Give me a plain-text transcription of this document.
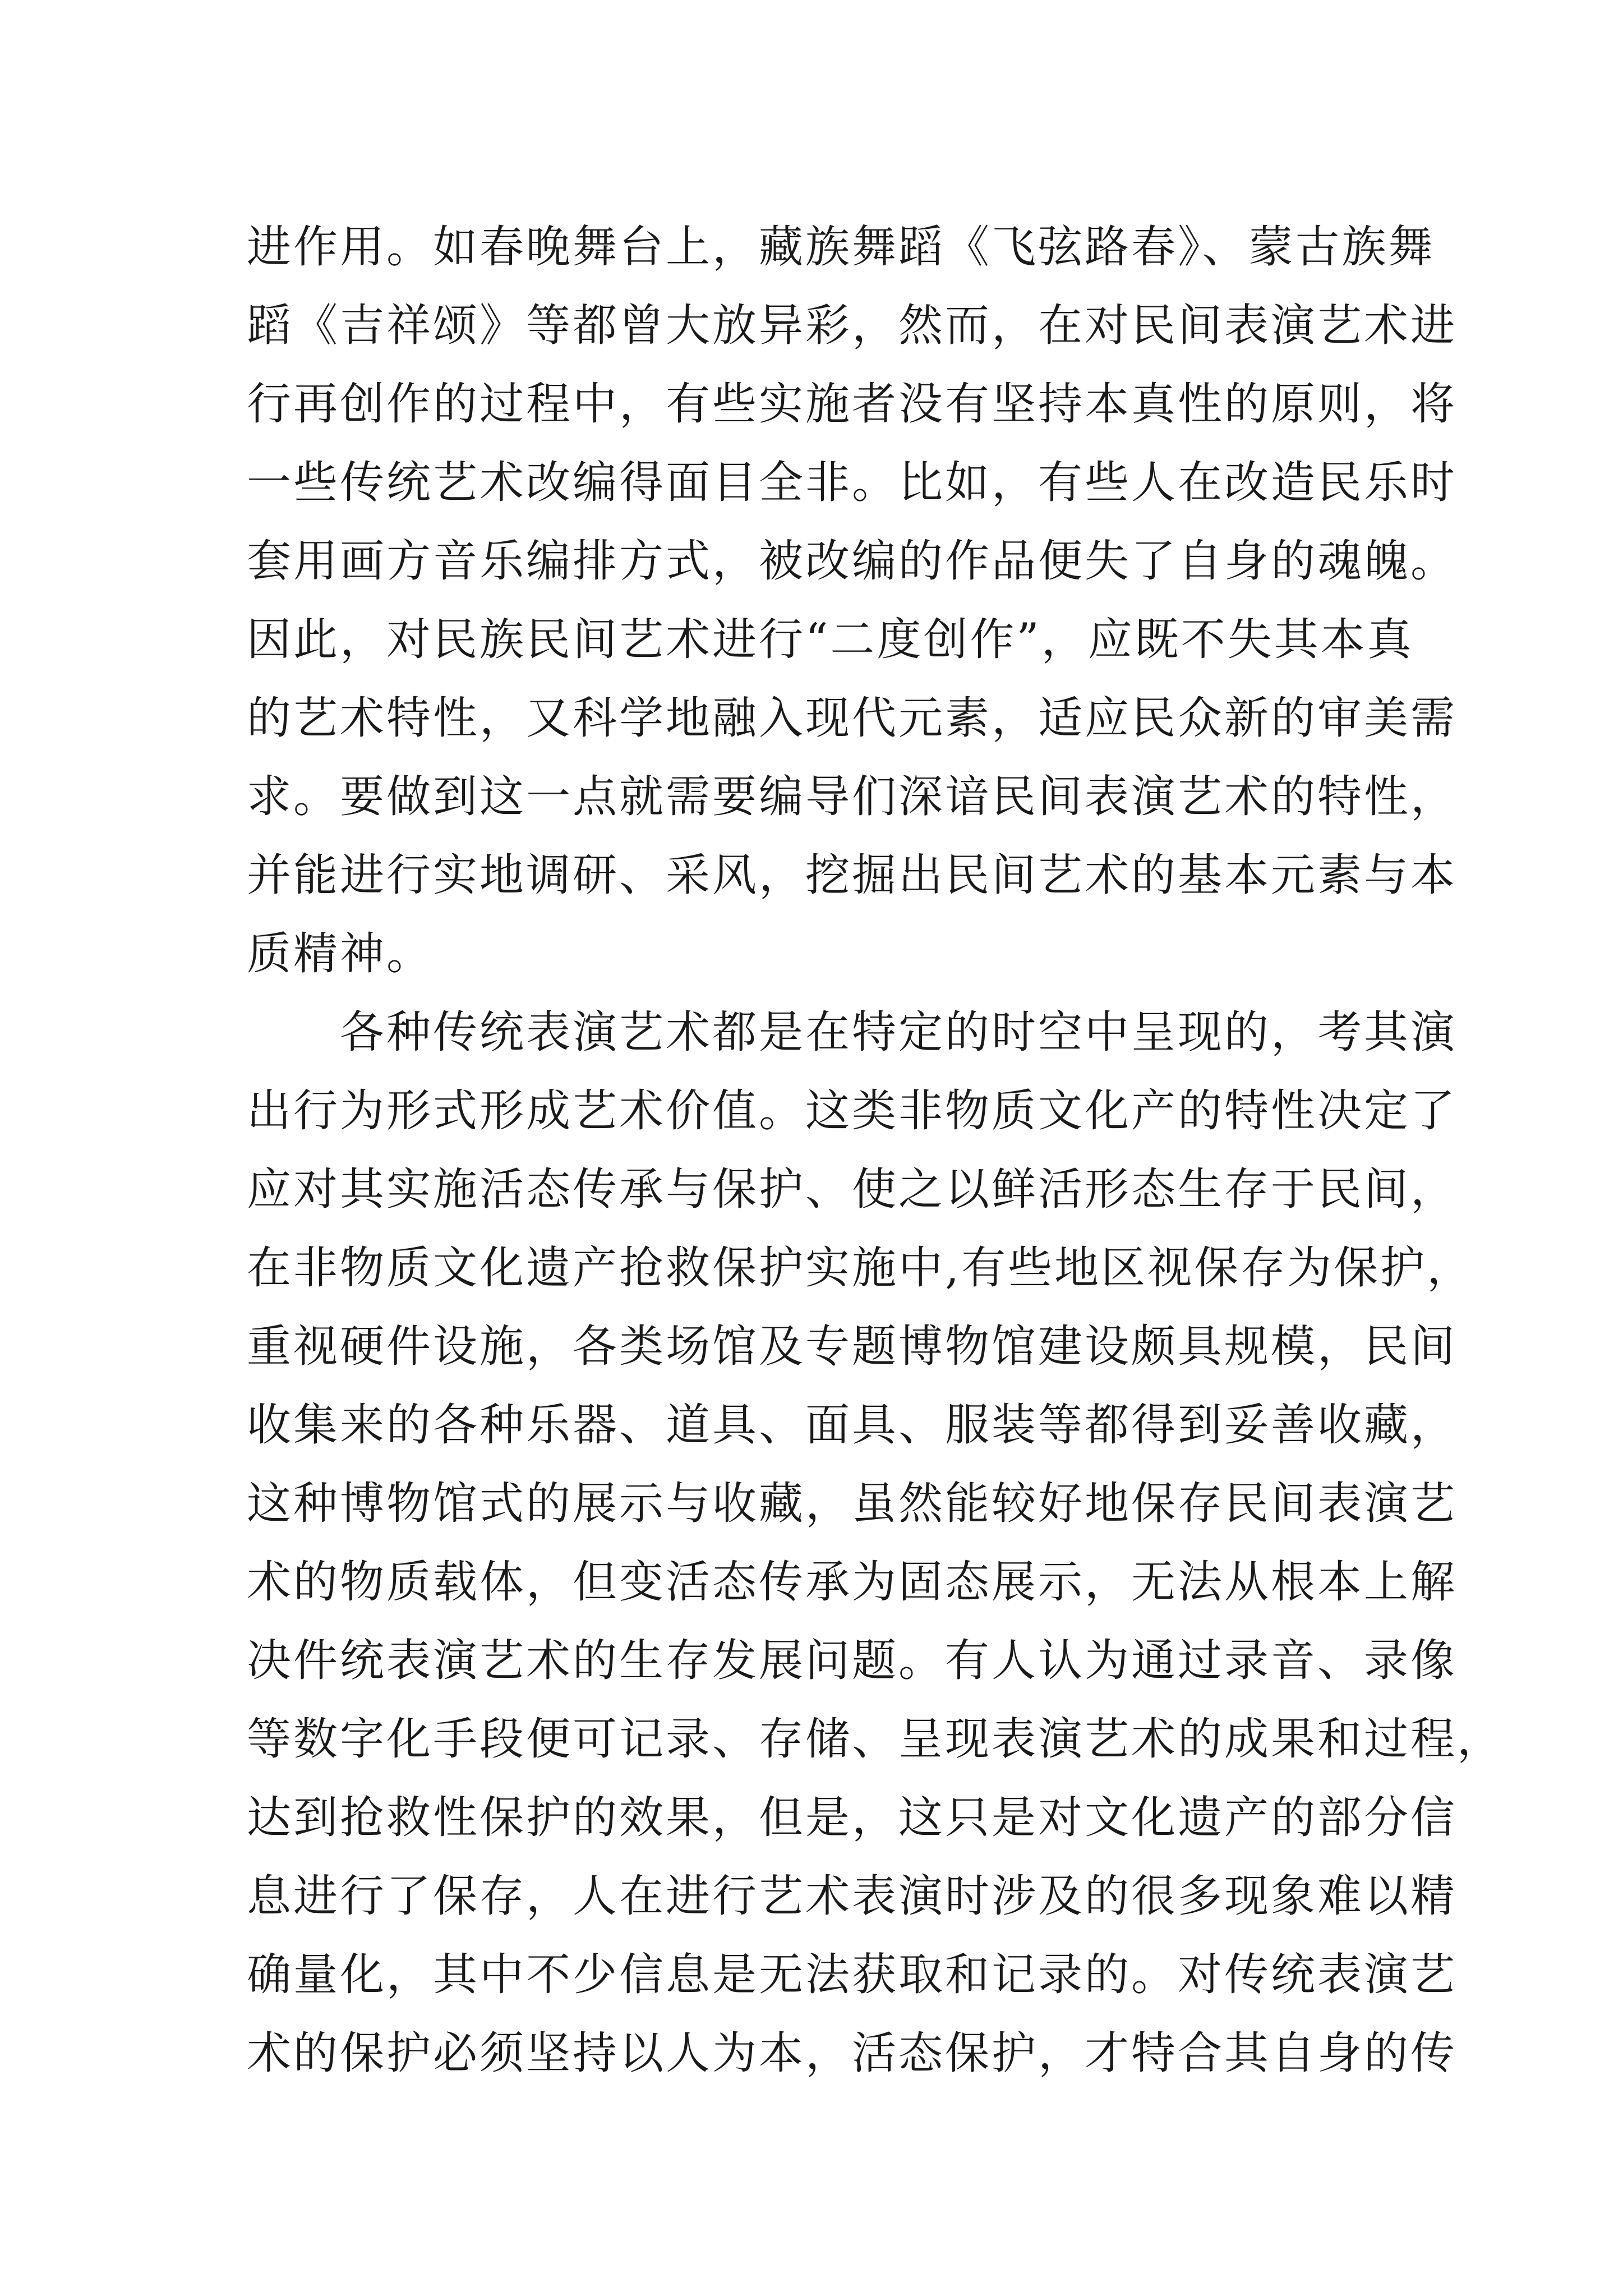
进作用。如春晚舞台上，藏族舞蹈《飞弦路春》、蒙古族舞
蹈《吉祥颂》等都曾大放异彩，然而，在对民间表演艺术进
行再创作的过程中，有些实施者没有坚持本真性的原则，将
一些传统艺术改编得面目全非。比如，有些人在改造民乐时
套用画方音乐编排方式，被改编的作品便失了自身的魂魄。
因此，对民族民间艺术进行“二度创作”，应既不失其本真
的艺术特性，又科学地融入现代元素，适应民众新的审美需
求。要做到这一点就需要编导们深谙民间表演艺术的特性，
并能进行实地调研、采风，挖掘出民间艺术的基本元素与本
质精神。
各种传统表演艺术都是在特定的时空中呈现的，考其演
出行为形式形成艺术价值。这类非物质文化产的特性决定了
应对其实施活态传承与保护、使之以鲜活形态生存于民间，
在非物质文化遗产抢救保护实施中,有些地区视保存为保护，
重视硬件设施，各类场馆及专题博物馆建设颇具规模，民间
收集来的各种乐器、道具、面具、服装等都得到妥善收藏，
这种博物馆式的展示与收藏，虽然能较好地保存民间表演艺
术的物质载体，但变活态传承为固态展示，无法从根本上解
决件统表演艺术的生存发展问题。有人认为通过录音、录像
等数字化手段便可记录、存储、呈现表演艺术的成果和过程，
达到抢救性保护的效果，但是，这只是对文化遗产的部分信
息进行了保存，人在进行艺术表演时涉及的很多现象难以精
确量化，其中不少信息是无法获取和记录的。对传统表演艺
术的保护必须坚持以人为本，活态保护，才特合其自身的传
